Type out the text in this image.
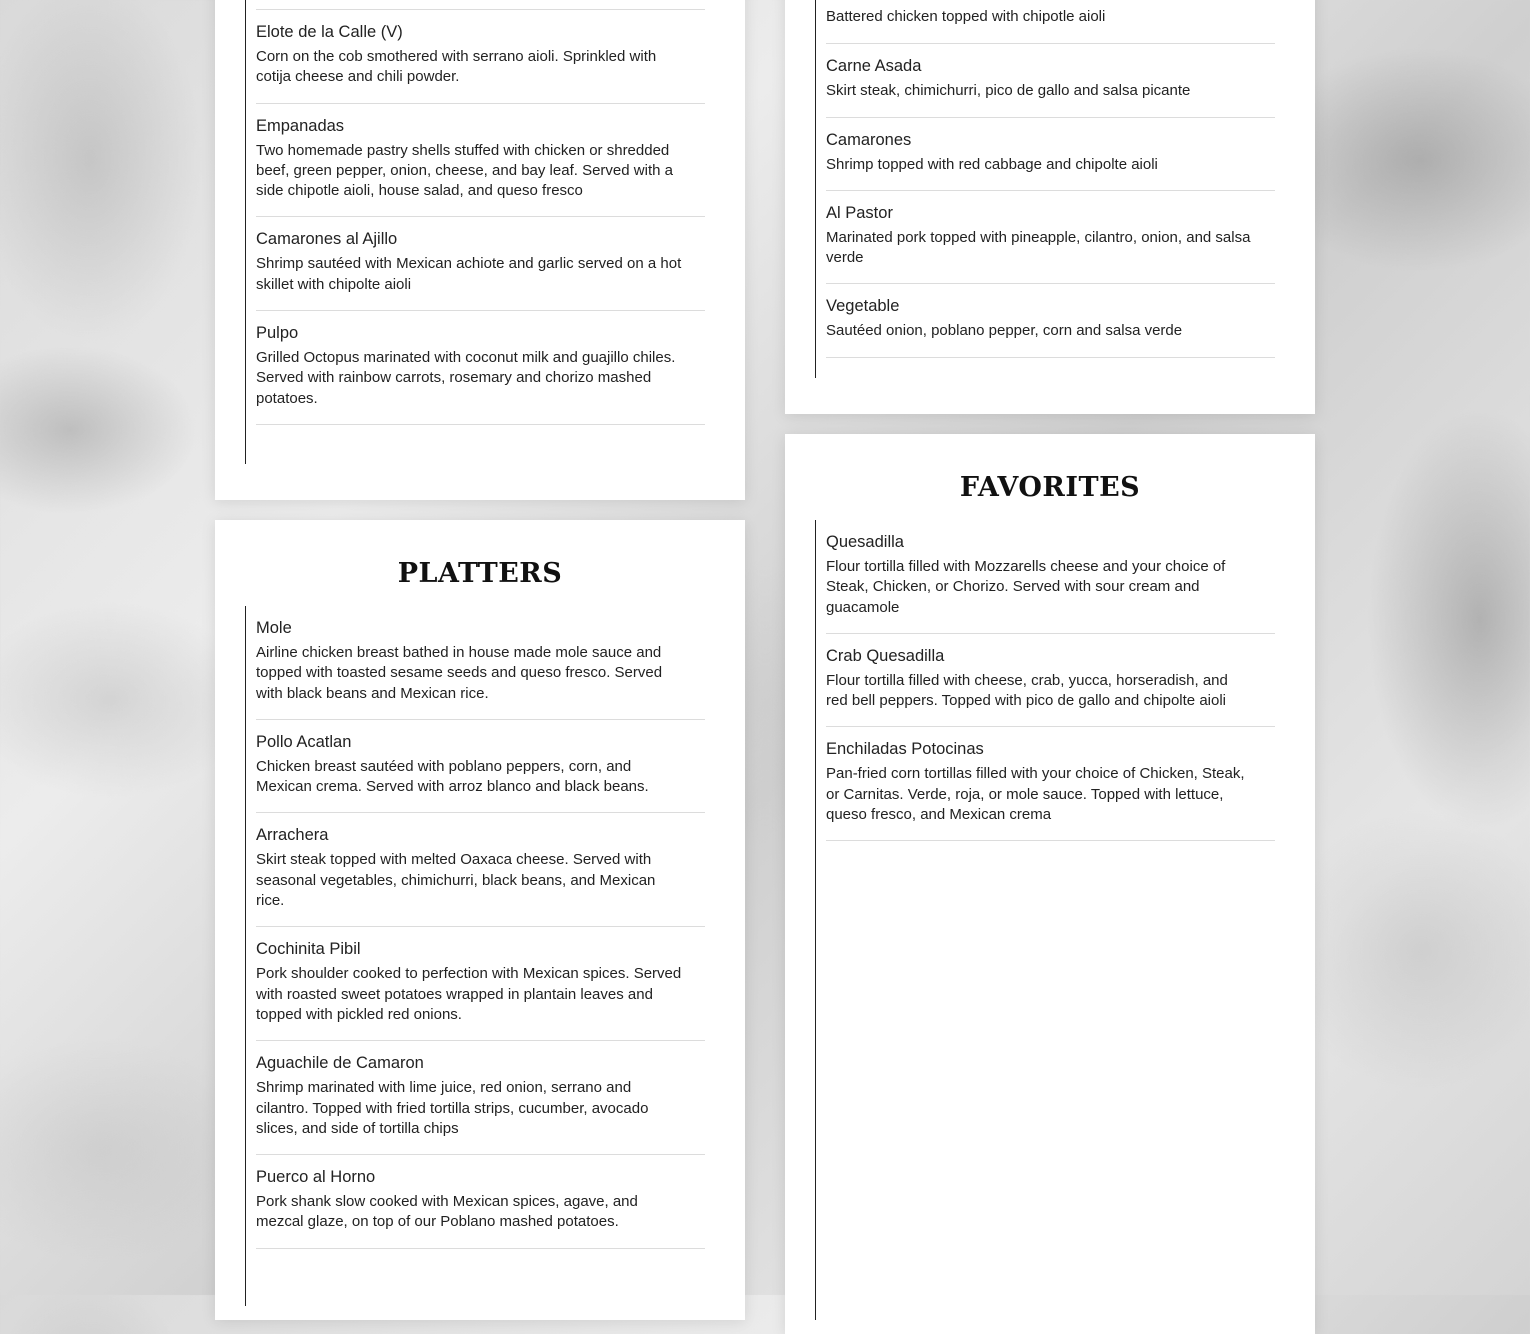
Elote de la Calle (V)
Corn on the cob smothered with serrano aioli. Sprinkled with cotija cheese and chili powder.
Empanadas
Two homemade pastry shells stuffed with chicken or shredded beef, green pepper, onion, cheese, and bay leaf. Served with a side chipotle aioli, house salad, and queso fresco
Camarones al Ajillo
Shrimp sautéed with Mexican achiote and garlic served on a hot skillet with chipolte aioli
Pulpo
Grilled Octopus marinated with coconut milk and guajillo chiles. Served with rainbow carrots, rosemary and chorizo mashed potatoes.
Battered chicken topped with chipotle aioli
Carne Asada
Skirt steak, chimichurri, pico de gallo and salsa picante
Camarones
Shrimp topped with red cabbage and chipolte aioli
Al Pastor
Marinated pork topped with pineapple, cilantro, onion, and salsa verde
Vegetable
Sautéed onion, poblano pepper, corn and salsa verde
PLATTERS
Mole
Airline chicken breast bathed in house made mole sauce and topped with toasted sesame seeds and queso fresco. Served with black beans and Mexican rice.
Pollo Acatlan
Chicken breast sautéed with poblano peppers, corn, and Mexican crema. Served with arroz blanco and black beans.
Arrachera
Skirt steak topped with melted Oaxaca cheese. Served with seasonal vegetables, chimichurri, black beans, and Mexican rice.
Cochinita Pibil
Pork shoulder cooked to perfection with Mexican spices. Served with roasted sweet potatoes wrapped in plantain leaves and topped with pickled red onions.
Aguachile de Camaron
Shrimp marinated with lime juice, red onion, serrano and cilantro. Topped with fried tortilla strips, cucumber, avocado slices, and side of tortilla chips
Puerco al Horno
Pork shank slow cooked with Mexican spices, agave, and mezcal glaze, on top of our Poblano mashed potatoes.
FAVORITES
Quesadilla
Flour tortilla filled with Mozzarells cheese and your choice of Steak, Chicken, or Chorizo. Served with sour cream and guacamole
Crab Quesadilla
Flour tortilla filled with cheese, crab, yucca, horseradish, and red bell peppers. Topped with pico de gallo and chipolte aioli
Enchiladas Potocinas
Pan-fried corn tortillas filled with your choice of Chicken, Steak, or Carnitas. Verde, roja, or mole sauce. Topped with lettuce, queso fresco, and Mexican crema
